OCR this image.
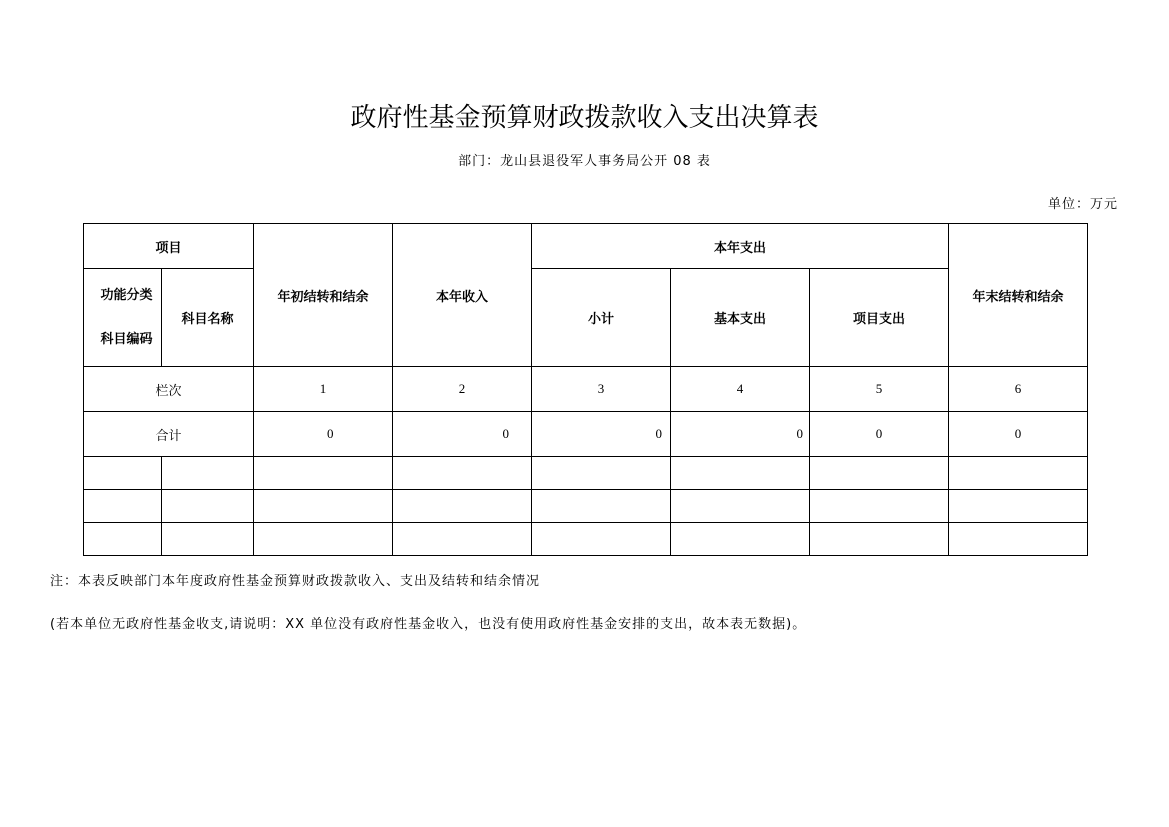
政府性基金预算财政拨款收入支出决算表
部门：龙山县退役军人事务局公开 08 表
单位：万元
项目		年初结转和结余	本年收入	本年支出			年末结转和结余

功能分类
科目编码	科目名称			小计	基本支出	项目支出	
栏次		1	2	3	4	5	6
合计		0	0	0	0	0	0

注：本表反映部门本年度政府性基金预算财政拨款收入、支出及结转和结余情况
(若本单位无政府性基金收支,请说明：XX 单位没有政府性基金收入，也没有使用政府性基金安排的支出，故本表无数据)。
